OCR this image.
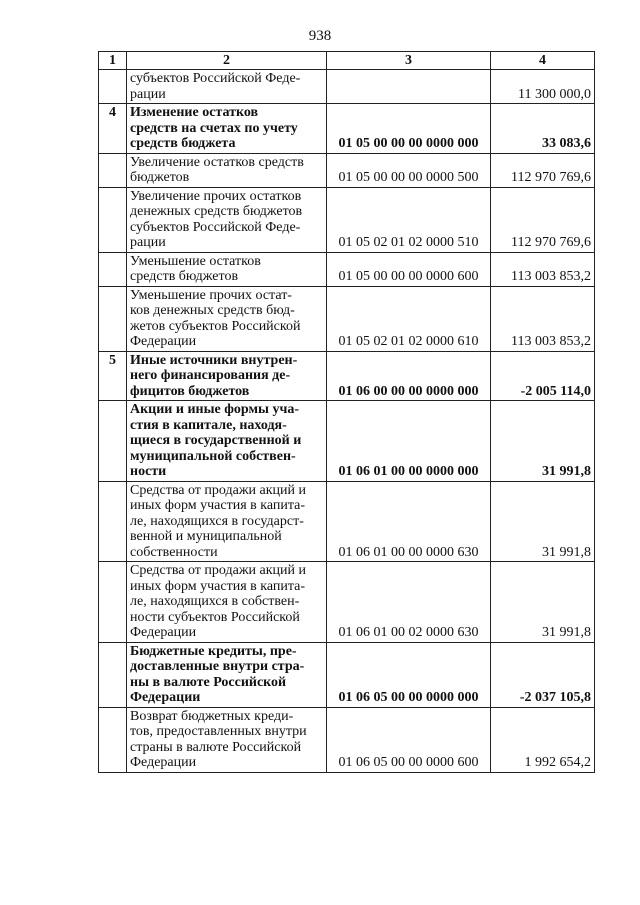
938
1	2	3	4
	субъектов Российской Феде-
рации		11 300 000,0
4	Изменение остатков
средств на счетах по учету
средств бюджета	01 05 00 00 00 0000 000	33 083,6
	Увеличение остатков средств
бюджетов	01 05 00 00 00 0000 500	112 970 769,6
	Увеличение прочих остатков
денежных средств бюджетов
субъектов Российской Феде-
рации	01 05 02 01 02 0000 510	112 970 769,6
	Уменьшение остатков
средств бюджетов	01 05 00 00 00 0000 600	113 003 853,2
	Уменьшение прочих остат-
ков денежных средств бюд-
жетов субъектов Российской
Федерации	01 05 02 01 02 0000 610	113 003 853,2
5	Иные источники внутрен-
него финансирования де-
фицитов бюджетов	01 06 00 00 00 0000 000	-2 005 114,0
	Акции и иные формы уча-
стия в капитале, находя-
щиеся в государственной и
муниципальной собствен-
ности	01 06 01 00 00 0000 000	31 991,8
	Средства от продажи акций и
иных форм участия в капита-
ле, находящихся в государст-
венной и муниципальной
собственности	01 06 01 00 00 0000 630	31 991,8
	Средства от продажи акций и
иных форм участия в капита-
ле, находящихся в собствен-
ности субъектов Российской
Федерации	01 06 01 00 02 0000 630	31 991,8
	Бюджетные кредиты, пре-
доставленные внутри стра-
ны в валюте Российской
Федерации	01 06 05 00 00 0000 000	-2 037 105,8
	Возврат бюджетных креди-
тов, предоставленных внутри
страны в валюте Российской
Федерации	01 06 05 00 00 0000 600	1 992 654,2
